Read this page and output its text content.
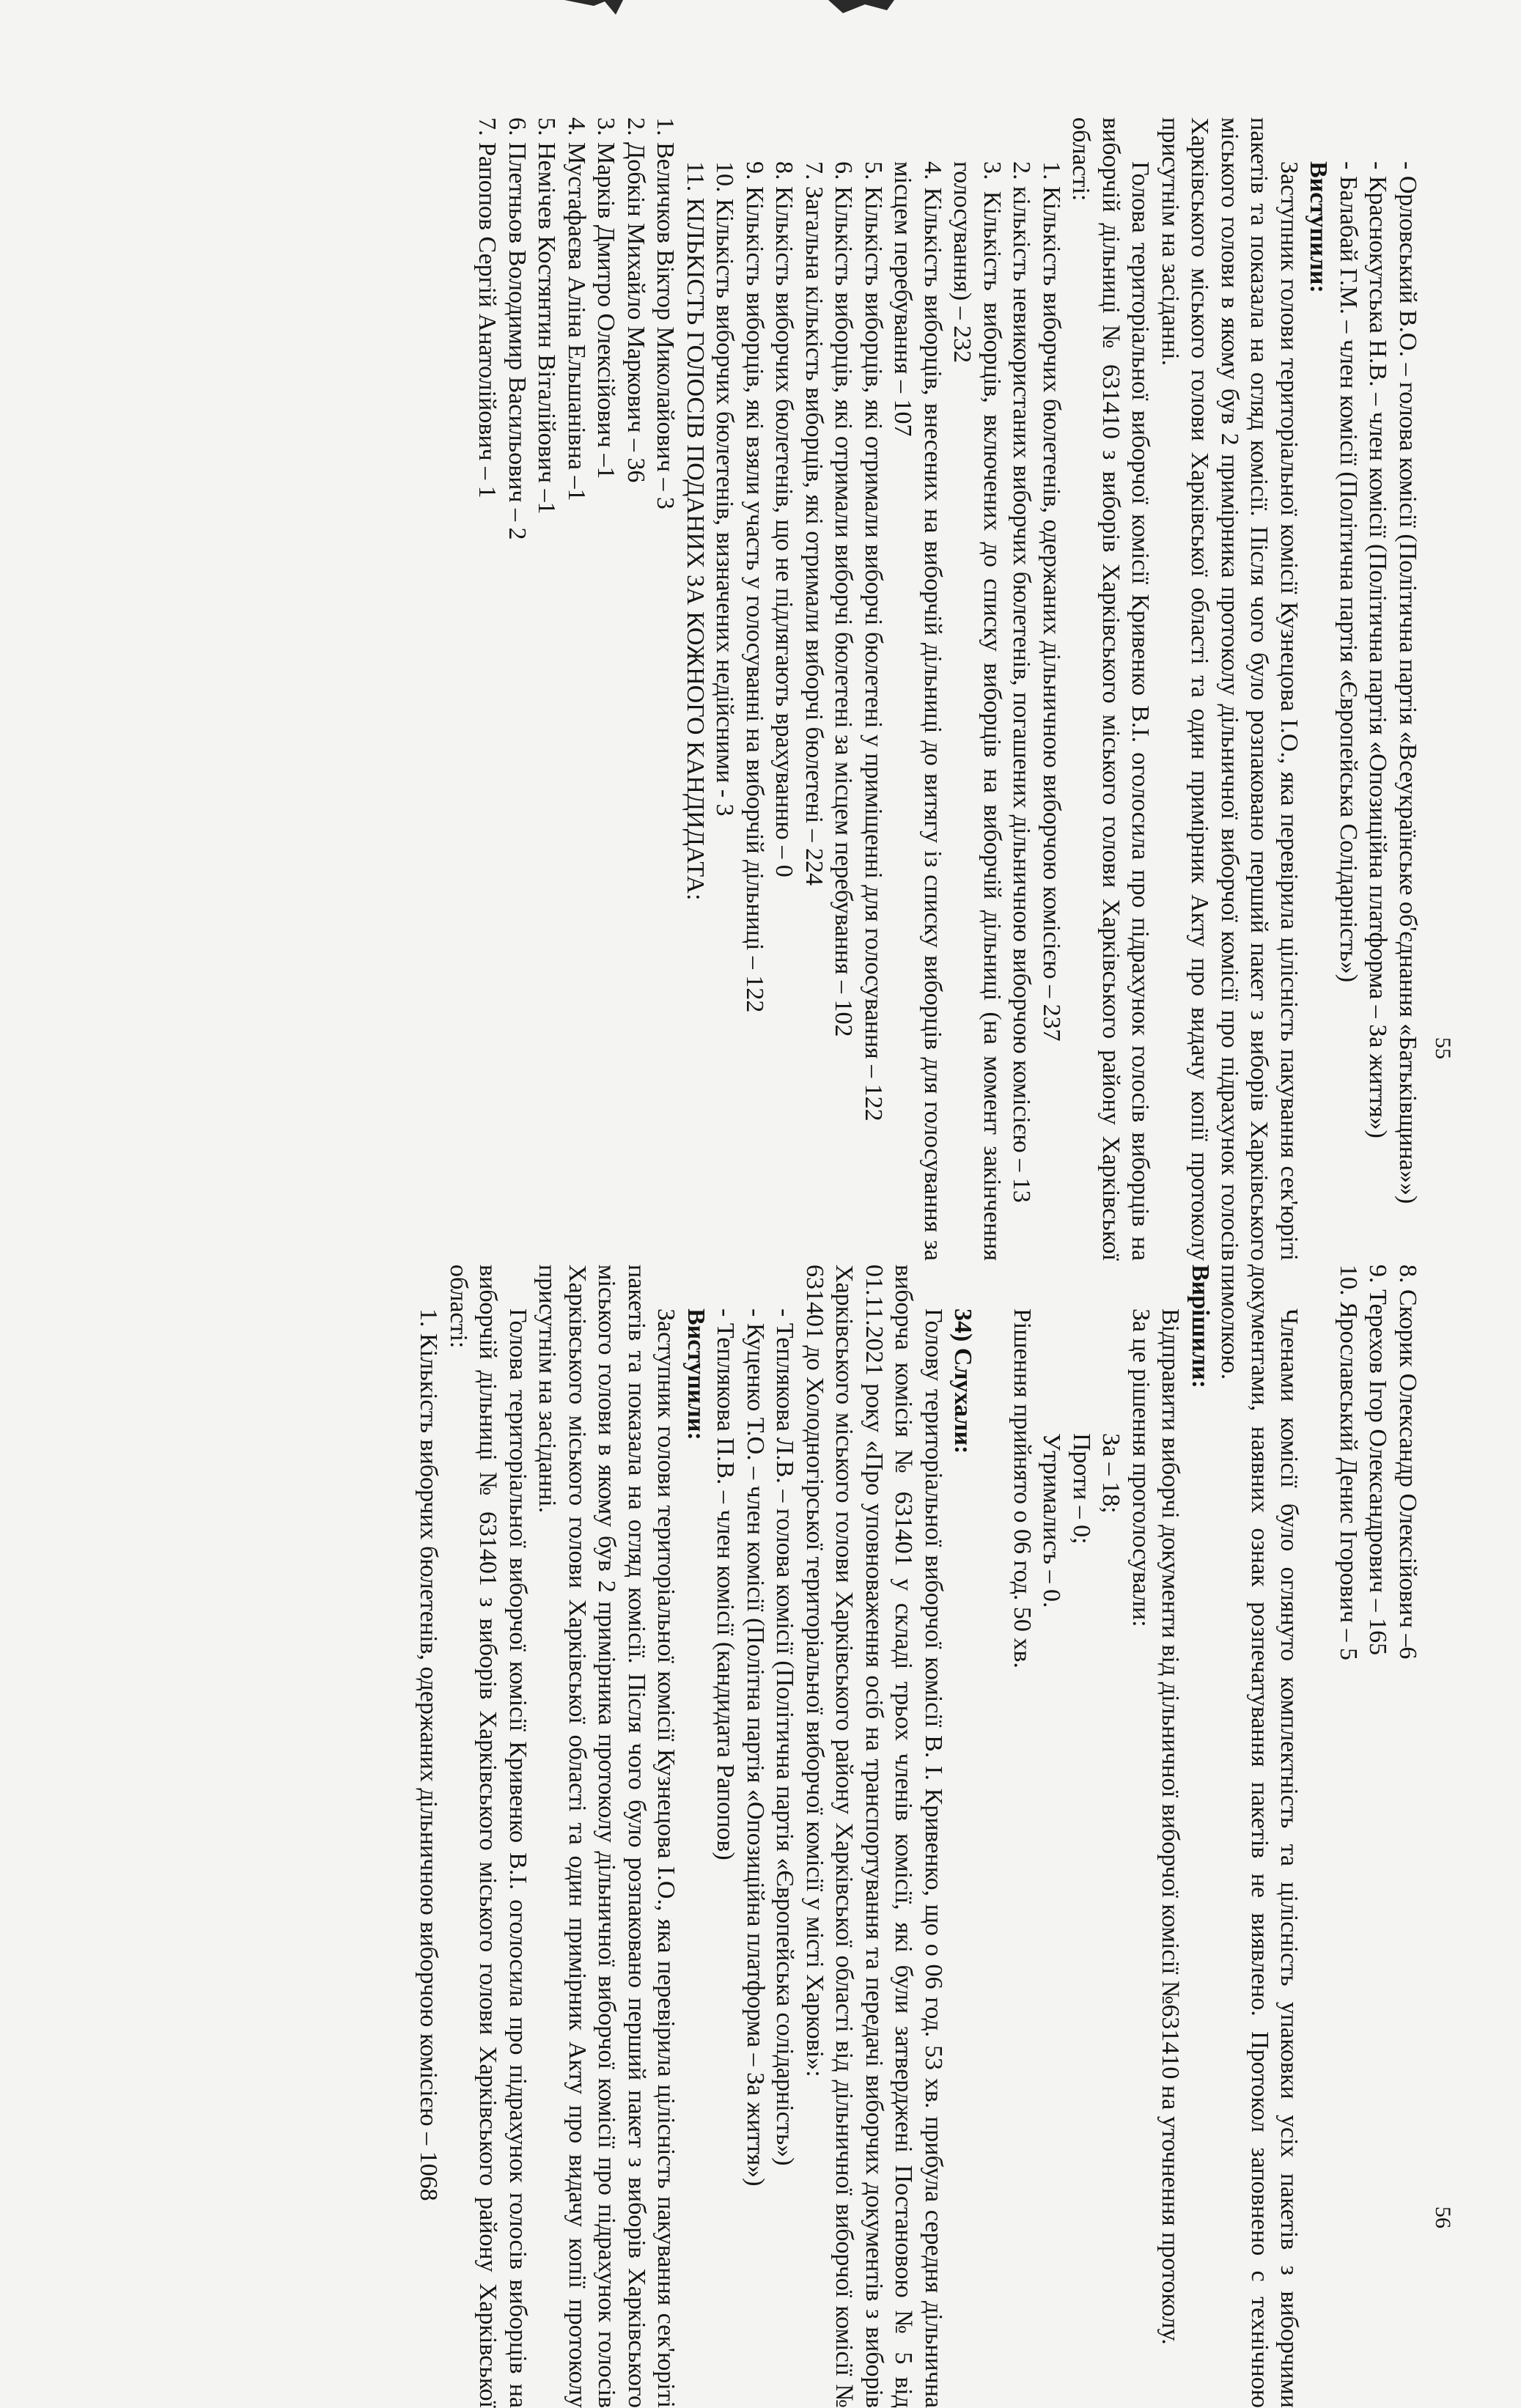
55
56

- Орловський В.О. – голова комісії (Політична партія «Всеукраїнське об'єднання «Батьківщина»»)

- Краснокутська Н.В. – член комісії (Політична партія «Опозиційна платформа – За життя»)

- Балабай Г.М. – член комісії (Політична партія «Європейська Солідарність»)

Виступили:

Заступник голови територіальної комісії Кузнецова І.О., яка перевірила цілісність пакування сек'юріті пакетів та показала на огляд комісії. Після чого було розпаковано перший пакет з виборів Харківського міського голови в якому був 2 примірника протоколу дільничної виборчої комісії про підрахунок голосів Харківського міського голови Харківської області та один примірник Акту про видачу копії протоколу присутнім на засіданні.

Голова територіальної виборчої комісії Кривенко В.І. оголосила про підрахунок голосів виборців на виборчій дільниці № 631410 з виборів Харківського міського голови Харківського району Харківської області:

1. Кількість виборчих бюлетенів, одержаних дільничною виборчою комісією – 237

2. кількість невикористаних виборчих бюлетенів, погашених дільничною виборчою комісією – 13

3. Кількість виборців, включених до списку виборців на виборчій дільниці (на момент закінчення голосування) – 232

4. Кількість виборців, внесених на виборчій дільниці до витягу із списку виборців для голосування за місцем перебування – 107

5. Кількість виборців, які отримали виборчі бюлетені у приміщенні для голосування – 122

6. Кількість виборців, які отримали виборчі бюлетені за місцем перебування – 102

7. Загальна кількість виборців, які отримали виборчі бюлетені – 224

8. Кількість виборчих бюлетенів, що не підлягають врахуванню – 0

9. Кількість виборців, які взяли участь у голосуванні на виборчій дільниці – 122

10. Кількість виборчих бюлетенів, визначених недійсними - 3

11. КІЛЬКІСТЬ ГОЛОСІВ ПОДАНИХ ЗА КОЖНОГО КАНДИДАТА:

1. Величков Віктор Миколайович – 3

2. Добкін Михайло Маркович – 36

3. Марків Дмитро Олексійович –1

4. Мустафаєва Аліна Ельшанівна –1

5. Немічев Костянтин Віталійович –1

6. Плетньов Володимир Васильович – 2

7. Рапопов Сергій Анатолійович – 1

8. Скорик Олександр Олексійович –6

9. Терехов Ігор Олександрович – 165

10. Ярославський Денис Ігорович – 5

Членами комісії було оглянуто комплектність та цілісність упаковки усіх пакетів з виборчими документами, наявних ознак розпечатування пакетів не виявлено. Протокол заповнено с технічною пимолкою.

Вирішили:

Відправити виборчі документи від дільничної виборчої комісії №631410 на уточнення протоколу.

За це рішення проголосували:

За – 18;

Проти – 0;

Утрималисъ – 0.

Рішення прийнято о 06 год. 50 хв.

34) Слухали:

Голову територіальної виборчої комісії В. І. Кривенко, що о 06 год. 53 хв. прибула середня дільнична виборча комісія № 631401 у складі трьох членів комісії, які були затверджені Постановою № 5 від 01.11.2021 року «Про уповноваження осіб на транспортування та передачі виборчих документів з виборів Харківського міського голови Харківського району Харківської області від дільничної виборчої комісії № 631401 до Холодногірської територіальної виборчої комісії у місті Харкові»:

- Теплякова Л.В. – голова комісії (Політична партія «Європейська солідарність»)

- Куценко Т.О. – член комісії (Політна партія «Опозиційна платформа – За життя»)

- Теплякова П.В. – член комісії (кандидата Рапопов)

Виступили:

Заступник голови територіальної комісії Кузнецова І.О., яка перевірила цілісність пакування сек'юріті пакетів та показала на огляд комісії. Після чого було розпаковано перший пакет з виборів Харківського міського голови в якому був 2 примірника протоколу дільничної виборчої комісії про підрахунок голосів Харківського міського голови Харківської області та один примірник Акту про видачу копії протоколу присутнім на засіданні.

Голова територіальної виборчої комісії Кривенко В.І. оголосила про підрахунок голосів виборців на виборчій дільниці № 631401 з виборів Харківського міського голови Харківського району Харківської області:

1. Кількість виборчих бюлетенів, одержаних дільничною виборчою комісією – 1068
